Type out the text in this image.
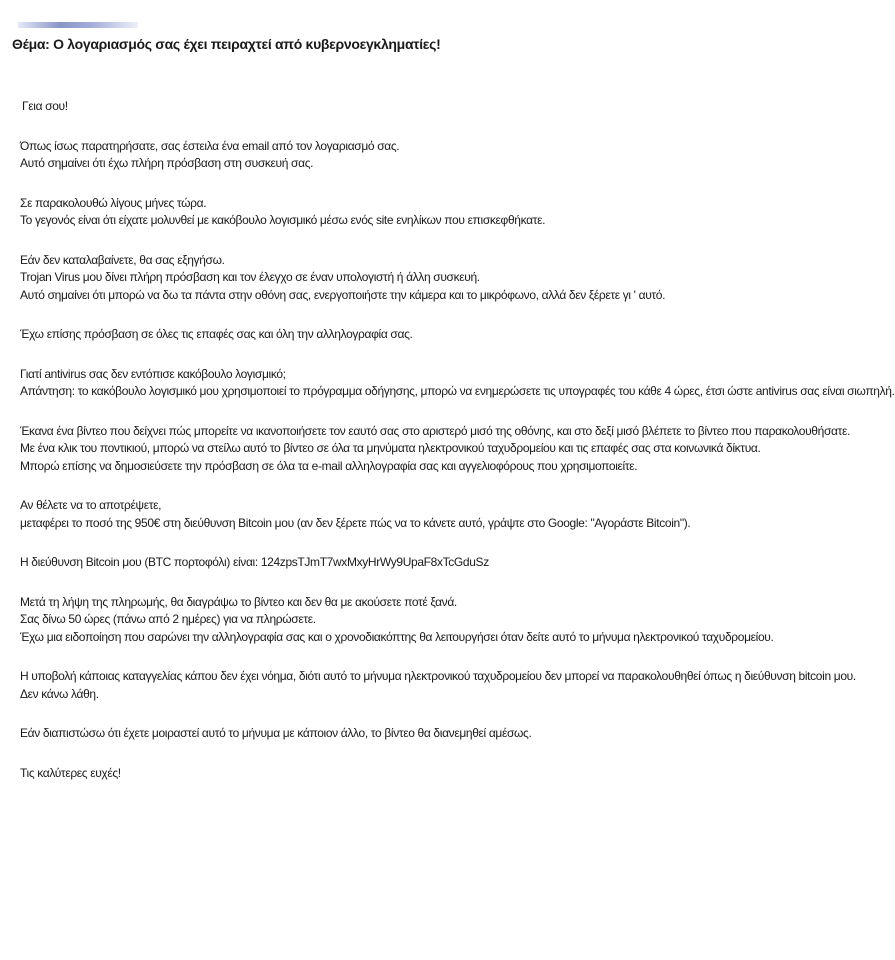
Θέμα: Ο λογαριασμός σας έχει πειραχτεί από κυβερνοεγκληματίες!

Γεια σου!

Όπως ίσως παρατηρήσατε, σας έστειλα ένα email από τον λογαριασμό σας.
Αυτό σημαίνει ότι έχω πλήρη πρόσβαση στη συσκευή σας.

Σε παρακολουθώ λίγους μήνες τώρα.
Το γεγονός είναι ότι είχατε μολυνθεί με κακόβουλο λογισμικό μέσω ενός site ενηλίκων που επισκεφθήκατε.

Εάν δεν καταλαβαίνετε, θα σας εξηγήσω.
Trojan Virus μου δίνει πλήρη πρόσβαση και τον έλεγχο σε έναν υπολογιστή ή άλλη συσκευή.
Αυτό σημαίνει ότι μπορώ να δω τα πάντα στην οθόνη σας, ενεργοποιήστε την κάμερα και το μικρόφωνο, αλλά δεν ξέρετε γι ' αυτό.

Έχω επίσης πρόσβαση σε όλες τις επαφές σας και όλη την αλληλογραφία σας.

Γιατί antivirus σας δεν εντόπισε κακόβουλο λογισμικό;
Απάντηση: το κακόβουλο λογισμικό μου χρησιμοποιεί το πρόγραμμα οδήγησης, μπορώ να ενημερώσετε τις υπογραφές του κάθε 4 ώρες, έτσι ώστε antivirus σας είναι σιωπηλή.

Έκανα ένα βίντεο που δείχνει πώς μπορείτε να ικανοποιήσετε τον εαυτό σας στο αριστερό μισό της οθόνης, και στο δεξί μισό βλέπετε το βίντεο που παρακολουθήσατε.
Με ένα κλικ του ποντικιού, μπορώ να στείλω αυτό το βίντεο σε όλα τα μηνύματα ηλεκτρονικού ταχυδρομείου και τις επαφές σας στα κοινωνικά δίκτυα.
Μπορώ επίσης να δημοσιεύσετε την πρόσβαση σε όλα τα e-mail αλληλογραφία σας και αγγελιοφόρους που χρησιμοποιείτε.

Αν θέλετε να το αποτρέψετε,
μεταφέρει το ποσό της 950€ στη διεύθυνση Bitcoin μου (αν δεν ξέρετε πώς να το κάνετε αυτό, γράψτε στο Google: "Αγοράστε Bitcoin").

Η διεύθυνση Bitcoin μου (BTC πορτοφόλι) είναι: 124zpsTJmT7wxMxyHrWy9UpaF8xTcGduSz

Μετά τη λήψη της πληρωμής, θα διαγράψω το βίντεο και δεν θα με ακούσετε ποτέ ξανά.
Σας δίνω 50 ώρες (πάνω από 2 ημέρες) για να πληρώσετε.
Έχω μια ειδοποίηση που σαρώνει την αλληλογραφία σας και ο χρονοδιακόπτης θα λειτουργήσει όταν δείτε αυτό το μήνυμα ηλεκτρονικού ταχυδρομείου.

Η υποβολή κάποιας καταγγελίας κάπου δεν έχει νόημα, διότι αυτό το μήνυμα ηλεκτρονικού ταχυδρομείου δεν μπορεί να παρακολουθηθεί όπως η διεύθυνση bitcoin μου.
Δεν κάνω λάθη.

Εάν διαπιστώσω ότι έχετε μοιραστεί αυτό το μήνυμα με κάποιον άλλο, το βίντεο θα διανεμηθεί αμέσως.

Τις καλύτερες ευχές!
